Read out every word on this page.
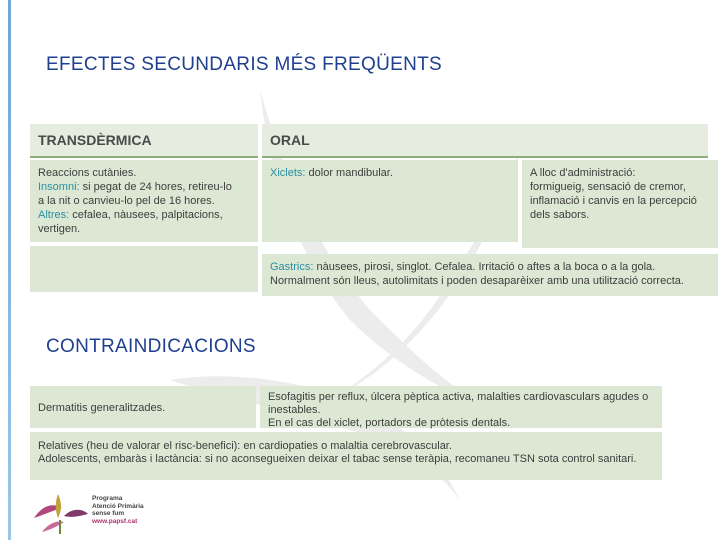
EFECTES SECUNDARIS MÉS FREQÜENTS
TRANSDÈRMICA	ORAL
Reaccions cutànies.
Insomni: si pegat de 24 hores, retireu-lo
a la nit o canvieu-lo pel de 16 hores.
Altres: cefalea, nàusees, palpitacions, vertigen.
Xiclets: dolor mandibular.	A lloc d'administració:
formigueig, sensació de cremor,
inflamació i canvis en la percepció
dels sabors.
Gastrics: nàusees, pirosi, singlot. Cefalea. Irritació o aftes a la boca o a la gola.
Normalment són lleus, autolimitats i poden desaparèixer amb una utilització correcta.
CONTRAINDICACIONS
Dermatitis generalitzades.
Esofagitis per reflux, úlcera pèptica activa, malalties cardiovasculars agudes o inestables.
En el cas del xiclet, portadors de pròtesis dentals.
Relatives (heu de valorar el risc-benefici): en cardiopaties o malaltia cerebrovascular.
Adolescents, embaràs i lactància: si no aconsegueixen deixar el tabac sense teràpia, recomaneu TSN sota control sanitari.
Programa
Atenció Primària
sense fum
www.papsf.cat
